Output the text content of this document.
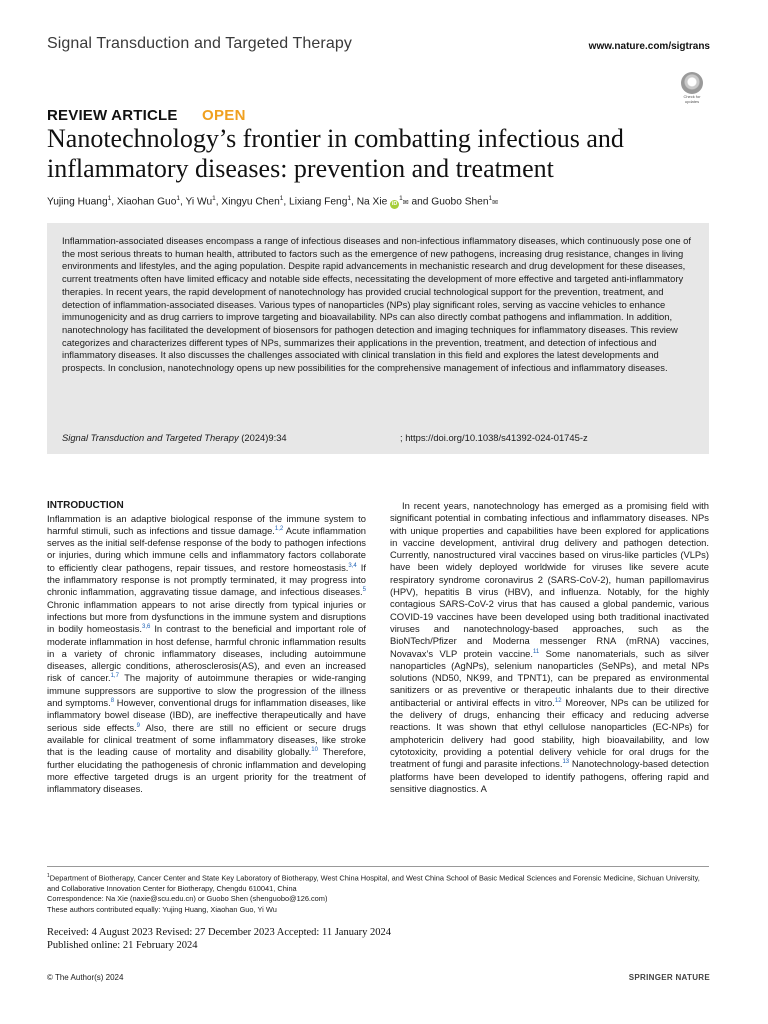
Signal Transduction and Targeted Therapy	www.nature.com/sigtrans
Check for updates
REVIEW ARTICLE OPEN
Nanotechnology’s frontier in combatting infectious and inflammatory diseases: prevention and treatment
Yujing Huang$^1$, Xiaohan Guo$^1$, Yi Wu$^1$, Xingyu Chen$^1$, Lixiang Feng$^1$, Na Xie $iD^1✉$ and Guobo Shen$^1$✉

Inflammation-associated diseases encompass a range of infectious diseases and non-infectious inflammatory diseases, which continuously pose one of the most serious threats to human health, attributed to factors such as the emergence of new pathogens, increasing drug resistance, changes in living environments and lifestyles, and the aging population. Despite rapid advancements in mechanistic research and drug development for these diseases, current treatments often have limited efficacy and notable side effects, necessitating the development of more effective and targeted anti-inflammatory therapies. In recent years, the rapid development of nanotechnology has provided crucial technological support for the prevention, treatment, and detection of inflammation-associated diseases. Various types of nanoparticles (NPs) play significant roles, serving as vaccine vehicles to enhance immunogenicity and as drug carriers to improve targeting and bioavailability. NPs can also directly combat pathogens and inflammation. In addition, nanotechnology has facilitated the development of biosensors for pathogen detection and imaging techniques for inflammatory diseases. This review categorizes and characterizes different types of NPs, summarizes their applications in the prevention, treatment, and detection of infectious and inflammatory diseases. It also discusses the challenges associated with clinical translation in this field and explores the latest developments and prospects. In conclusion, nanotechnology opens up new possibilities for the comprehensive management of infectious and inflammatory diseases.

Signal Transduction and Targeted Therapy (2024)9:34	; https://doi.org/10.1038/s41392-024-01745-z

INTRODUCTION

Inflammation is an adaptive biological response of the immune system to harmful stimuli, such as infections and tissue damage.$^{1,2}$ Acute inflammation serves as the initial self-defense response of the body to pathogen infections or injuries, during which immune cells and inflammatory factors collaborate to efficiently clear pathogens, repair tissues, and restore homeostasis.$^{3,4}$ If the inflammatory response is not promptly terminated, it may progress into chronic inflammation, aggravating tissue damage, and infectious diseases.$^5$ Chronic inflammation appears to not arise directly from typical injuries or infections but more from dysfunctions in the immune system and disruptions in bodily homeostasis.$^{3,6}$ In contrast to the beneficial and important role of moderate inflammation in host defense, harmful chronic inflammation results in a variety of chronic inflammatory diseases, including autoimmune diseases, allergic conditions, atherosclerosis(AS), and even an increased risk of cancer.$^{1,7}$ The majority of autoimmune therapies or wide-ranging immune suppressors are supportive to slow the progression of the illness and symptoms.$^8$ However, conventional drugs for inflammation diseases, like inflammatory bowel disease (IBD), are ineffective therapeutically and have serious side effects.$^9$ Also, there are still no efficient or secure drugs available for clinical treatment of some inflammatory diseases, like stroke that is the leading cause of mortality and disability globally.$^{10}$ Therefore, further elucidating the pathogenesis of chronic inflammation and developing more effective targeted drugs is an urgent priority for the treatment of inflammatory diseases.

In recent years, nanotechnology has emerged as a promising field with significant potential in combating infectious and inflammatory diseases. NPs with unique properties and capabilities have been explored for applications in vaccine development, antiviral drug delivery and pathogen detection. Currently, nanostructured viral vaccines based on virus-like particles (VLPs) have been widely deployed worldwide for viruses like severe acute respiratory syndrome coronavirus 2 (SARS-CoV-2), human papillomavirus (HPV), hepatitis B virus (HBV), and influenza. Notably, for the highly contagious SARS-CoV-2 virus that has caused a global pandemic, various COVID-19 vaccines have been developed using both traditional inactivated viruses and nanotechnology-based approaches, such as the BioNTech/Pfizer and Moderna messenger RNA (mRNA) vaccines, Novavax’s VLP protein vaccine.$^{11}$ Some nanomaterials, such as silver nanoparticles (AgNPs), selenium nanoparticles (SeNPs), and metal NPs solutions (ND50, NK99, and TPNT1), can be prepared as environmental sanitizers or as preventive or therapeutic inhalants due to their directive antibacterial or antiviral effects in vitro.$^{12}$ Moreover, NPs can be utilized for the delivery of drugs, enhancing their efficacy and reducing adverse reactions. It was shown that ethyl cellulose nanoparticles (EC-NPs) for amphotericin delivery had good stability, high bioavailability, and low cytotoxicity, providing a potential delivery vehicle for oral drugs for the treatment of fungi and parasite infections.$^{13}$ Nanotechnology-based detection platforms have been developed to identify pathogens, offering rapid and sensitive diagnostics. A

$^1$Department of Biotherapy, Cancer Center and State Key Laboratory of Biotherapy, West China Hospital, and West China School of Basic Medical Sciences and Forensic Medicine, Sichuan University, and Collaborative Innovation Center for Biotherapy, Chengdu 610041, China
Correspondence: Na Xie (naxie@scu.edu.cn) or Guobo Shen (shenguobo@126.com)
These authors contributed equally: Yujing Huang, Xiaohan Guo, Yi Wu
Received: 4 August 2023 Revised: 27 December 2023 Accepted: 11 January 2024
Published online: 21 February 2024
© The Author(s) 2024	SPRINGER NATURE
